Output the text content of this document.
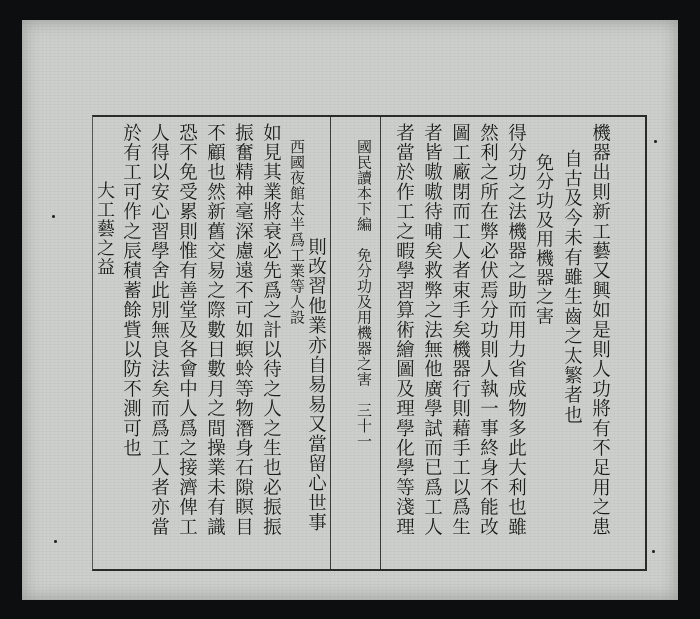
機器出則新工藝又興如是則人功將有不足用之患
自古及今未有雖生齒之太繁者也
免分功及用機器之害
得分功之法機器之助而用力省成物多此大利也雖
然利之所在弊必伏焉分功則人執一事終身不能改
圖工廠閉而工人者束手矣機器行則藉手工以爲生
者皆嗷嗷待哺矣救弊之法無他廣學試而已爲工人
者當於作工之暇學習算術繪圖及理學化學等淺理
國民讀本下編　免分功及用機器之害　三十一
則改習他業亦自易易又當留心世事
西國夜館太半爲工業等人設
如見其業將衰必先爲之計以待之人之生也必振振
振奮精神毫深慮遠不可如螟蛉等物潛身石隙瞑目
不顧也然新舊交易之際數日數月之間操業未有識
恐不免受累則惟有善堂及各會中人爲之接濟俾工
人得以安心習學舍此別無良法矣而爲工人者亦當
於有工可作之辰積蓄餘貲以防不測可也
大工藝之益
